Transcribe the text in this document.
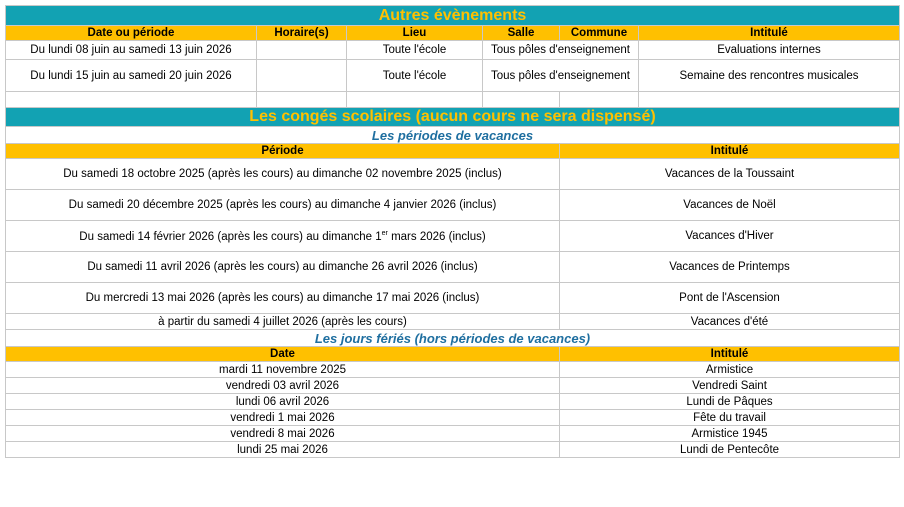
Autres évènements					
Date ou période	Horaire(s)	Lieu	Salle	Commune	Intitulé
Du lundi 08 juin au samedi 13 juin 2026		Toute l'école	Tous pôles d'enseignement		Evaluations internes
Du lundi 15 juin au samedi 20 juin 2026		Toute l'école	Tous pôles d'enseignement		Semaine des rencontres musicales

Les congés scolaires (aucun cours ne sera dispensé)					
Les périodes de vacances					
Période				Intitulé	
Du samedi 18 octobre 2025 (après les cours) au dimanche 02 novembre 2025 (inclus)				Vacances de la Toussaint	
Du samedi 20 décembre 2025 (après les cours) au dimanche 4 janvier 2026 (inclus)				Vacances de Noël	
Du samedi 14 février 2026 (après les cours) au dimanche 1er mars 2026 (inclus)				Vacances d'Hiver	
Du samedi 11 avril 2026 (après les cours) au dimanche 26 avril 2026 (inclus)				Vacances de Printemps	
Du mercredi 13 mai 2026 (après les cours) au dimanche 17 mai 2026 (inclus)				Pont de l'Ascension	
à partir du samedi 4 juillet 2026 (après les cours)				Vacances d'été	
Les jours fériés (hors périodes de vacances)					
Date				Intitulé	
mardi 11 novembre 2025				Armistice	
vendredi 03 avril 2026				Vendredi Saint	
lundi 06 avril 2026				Lundi de Pâques	
vendredi 1 mai 2026				Fête du travail	
vendredi 8 mai 2026				Armistice 1945	
lundi 25 mai 2026				Lundi de Pentecôte	
